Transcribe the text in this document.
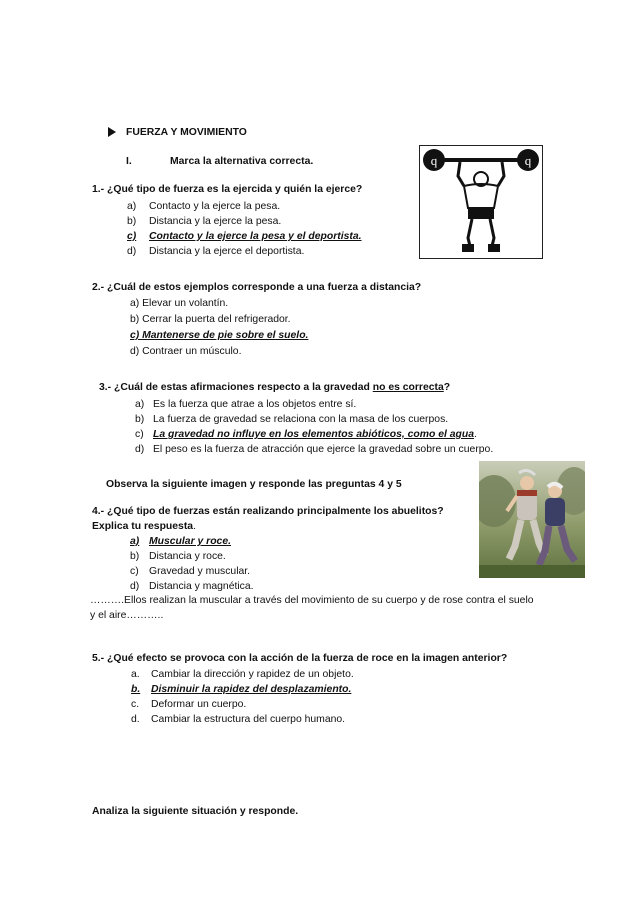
FUERZA Y MOVIMIENTO
I.	Marca la alternativa correcta.
1.- ¿Qué tipo de fuerza es la ejercida y quién la ejerce?
a) Contacto y la ejerce la pesa.
b) Distancia y la ejerce la pesa.
c) Contacto y la ejerce la pesa y el deportista.
d) Distancia y la ejerce el deportista.
q	q
2.- ¿Cuál de estos ejemplos corresponde a una fuerza a distancia?
a) Elevar un volantín.
b) Cerrar la puerta del refrigerador.
c) Mantenerse de pie sobre el suelo.
d) Contraer un músculo.
3.- ¿Cuál de estas afirmaciones respecto a la gravedad no es correcta?
a) Es la fuerza que atrae a los objetos entre sí.
b) La fuerza de gravedad se relaciona con la masa de los cuerpos.
c) La gravedad no influye en los elementos abióticos, como el agua.
d) El peso es la fuerza de atracción que ejerce la gravedad sobre un cuerpo.
Observa la siguiente imagen y responde las preguntas 4 y 5
4.- ¿Qué tipo de fuerzas están realizando principalmente los abuelitos?
Explica tu respuesta.
a) Muscular y roce.
b) Distancia y roce.
c) Gravedad y muscular.
d) Distancia y magnética.
……….Ellos realizan la muscular a través del movimiento de su cuerpo y de rose contra el suelo
y el aire………..
5.- ¿Qué efecto se provoca con la acción de la fuerza de roce en la imagen anterior?
a. Cambiar la dirección y rapidez de un objeto.
b. Disminuir la rapidez del desplazamiento.
c. Deformar un cuerpo.
d. Cambiar la estructura del cuerpo humano.
Analiza la siguiente situación y responde.
